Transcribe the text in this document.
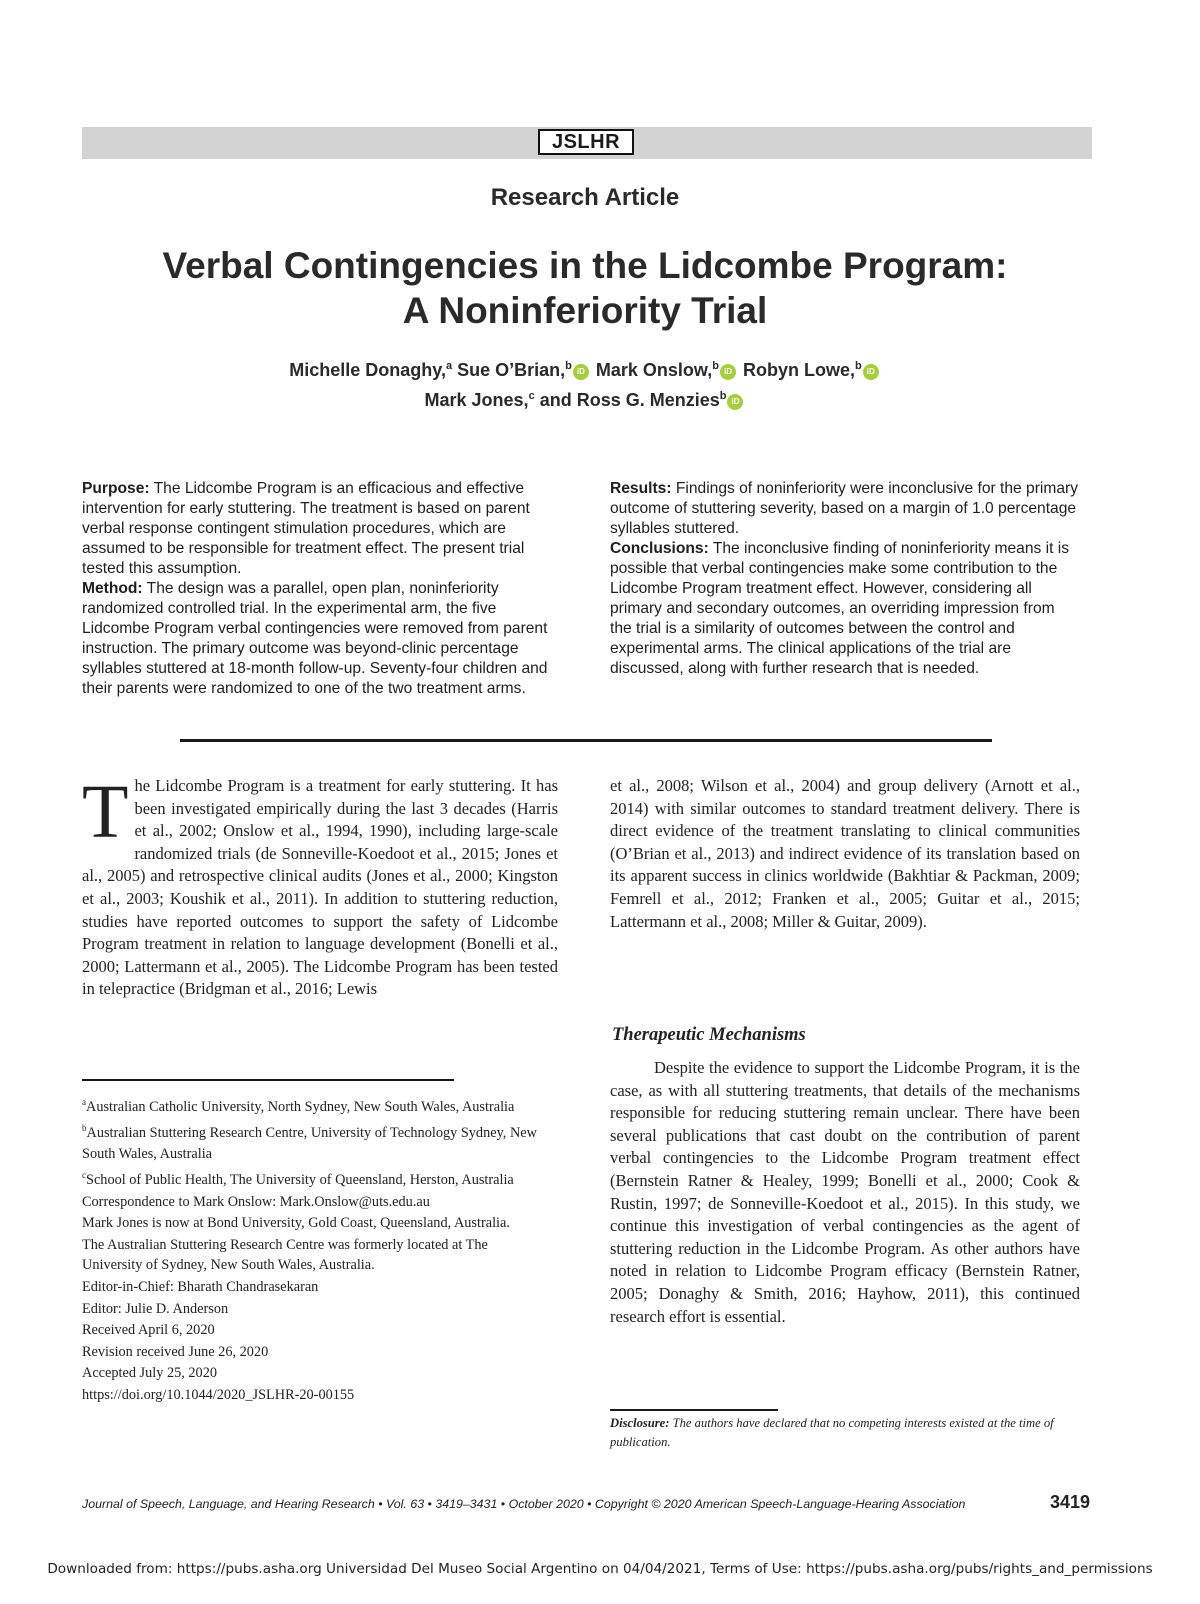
JSLHR
Research Article
Verbal Contingencies in the Lidcombe Program: A Noninferiority Trial
Michelle Donaghy,$^a$ Sue O’Brian,$^b$ iD Mark Onslow,$^b$ iD Robyn Lowe,$^b$ iD
Mark Jones,$^c$ and Ross G. Menzies$^b$ iD

Purpose: The Lidcombe Program is an efficacious and effective intervention for early stuttering. The treatment is based on parent verbal response contingent stimulation procedures, which are assumed to be responsible for treatment effect. The present trial tested this assumption.

Method: The design was a parallel, open plan, noninferiority randomized controlled trial. In the experimental arm, the five Lidcombe Program verbal contingencies were removed from parent instruction. The primary outcome was beyond-clinic percentage syllables stuttered at 18-month follow-up. Seventy-four children and their parents were randomized to one of the two treatment arms.

Results: Findings of noninferiority were inconclusive for the primary outcome of stuttering severity, based on a margin of 1.0 percentage syllables stuttered.

Conclusions: The inconclusive finding of noninferiority means it is possible that verbal contingencies make some contribution to the Lidcombe Program treatment effect. However, considering all primary and secondary outcomes, an overriding impression from the trial is a similarity of outcomes between the control and experimental arms. The clinical applications of the trial are discussed, along with further research that is needed.

The Lidcombe Program is a treatment for early stuttering. It has been investigated empirically during the last 3 decades (Harris et al., 2002; Onslow et al., 1994, 1990), including large-scale randomized trials (de Sonneville-Koedoot et al., 2015; Jones et al., 2005) and retrospective clinical audits (Jones et al., 2000; Kingston et al., 2003; Koushik et al., 2011). In addition to stuttering reduction, studies have reported outcomes to support the safety of Lidcombe Program treatment in relation to language development (Bonelli et al., 2000; Lattermann et al., 2005). The Lidcombe Program has been tested in telepractice (Bridgman et al., 2016; Lewis

et al., 2008; Wilson et al., 2004) and group delivery (Arnott et al., 2014) with similar outcomes to standard treatment delivery. There is direct evidence of the treatment translating to clinical communities (O’Brian et al., 2013) and indirect evidence of its translation based on its apparent success in clinics worldwide (Bakhtiar & Packman, 2009; Femrell et al., 2012; Franken et al., 2005; Guitar et al., 2015; Lattermann et al., 2008; Miller & Guitar, 2009).

Therapeutic Mechanisms

Despite the evidence to support the Lidcombe Program, it is the case, as with all stuttering treatments, that details of the mechanisms responsible for reducing stuttering remain unclear. There have been several publications that cast doubt on the contribution of parent verbal contingencies to the Lidcombe Program treatment effect (Bernstein Ratner & Healey, 1999; Bonelli et al., 2000; Cook & Rustin, 1997; de Sonneville-Koedoot et al., 2015). In this study, we continue this investigation of verbal contingencies as the agent of stuttering reduction in the Lidcombe Program. As other authors have noted in relation to Lidcombe Program efficacy (Bernstein Ratner, 2005; Donaghy & Smith, 2016; Hayhow, 2011), this continued research effort is essential.

$^a$Australian Catholic University, North Sydney, New South Wales, Australia

$^b$Australian Stuttering Research Centre, University of Technology Sydney, New South Wales, Australia

$^c$School of Public Health, The University of Queensland, Herston, Australia

Correspondence to Mark Onslow: Mark.Onslow@uts.edu.au

Mark Jones is now at Bond University, Gold Coast, Queensland, Australia.

The Australian Stuttering Research Centre was formerly located at The University of Sydney, New South Wales, Australia.

Editor-in-Chief: Bharath Chandrasekaran

Editor: Julie D. Anderson

Received April 6, 2020

Revision received June 26, 2020

Accepted July 25, 2020

https://doi.org/10.1044/2020_JSLHR-20-00155

Disclosure: The authors have declared that no competing interests existed at the time of publication.
Journal of Speech, Language, and Hearing Research • Vol. 63 • 3419–3431 • October 2020 • Copyright © 2020 American Speech-Language-Hearing Association	3419
Downloaded from: https://pubs.asha.org Universidad Del Museo Social Argentino on 04/04/2021, Terms of Use: https://pubs.asha.org/pubs/rights_and_permissions
